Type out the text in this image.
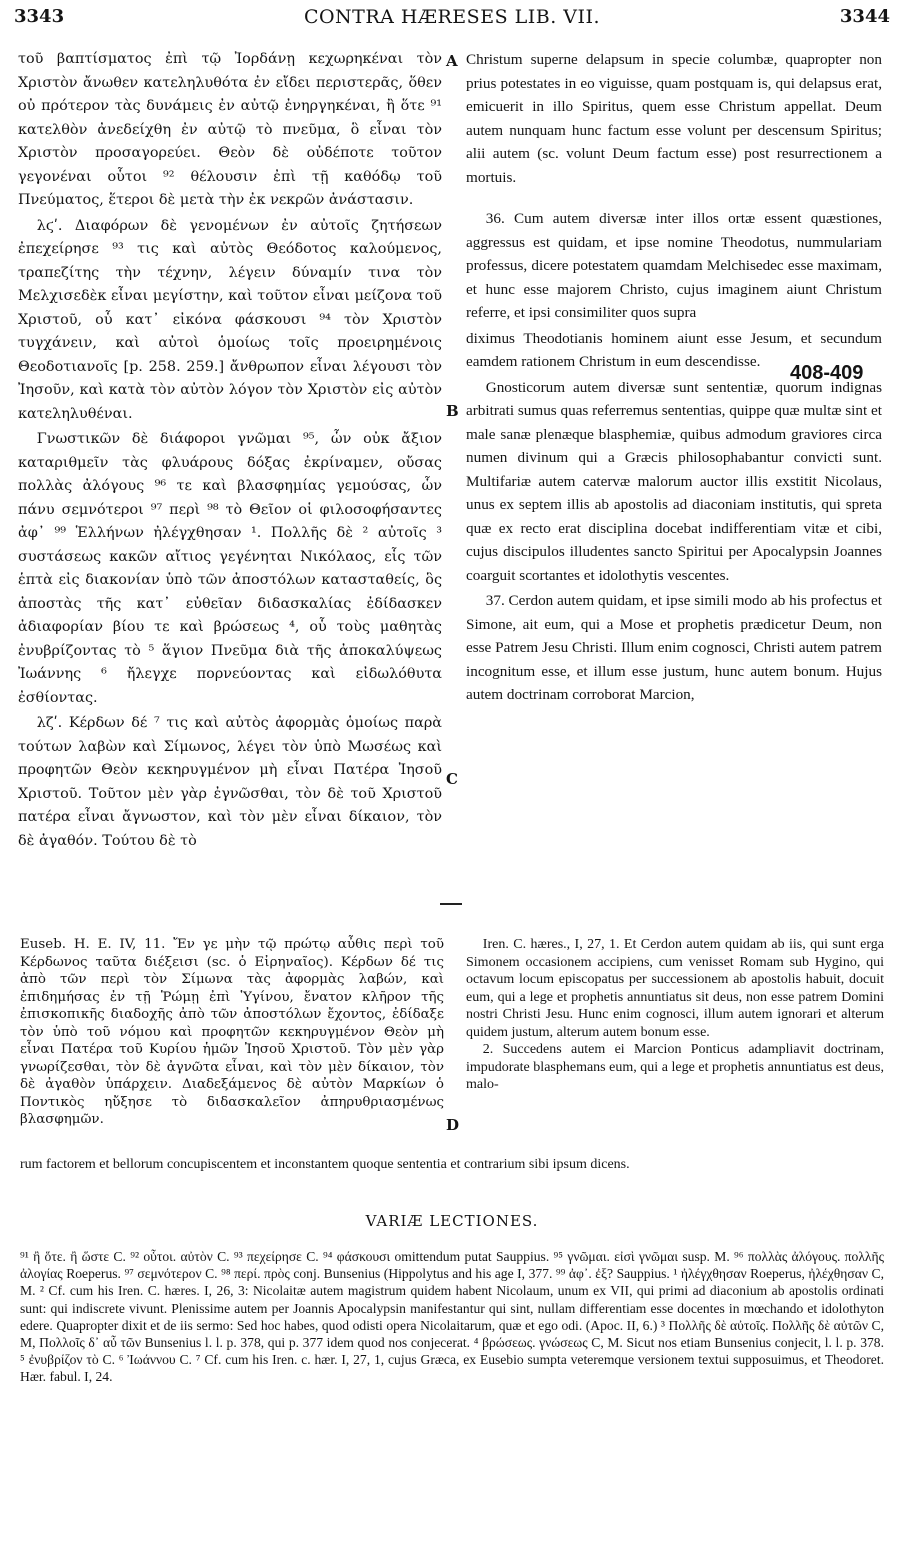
3343	CONTRA HÆRESES LIB. VII.	3344

τοῦ βαπτίσματος ἐπὶ τῷ Ἰορδάνῃ κεχωρηκέναι τὸν Χριστὸν ἄνωθεν κατεληλυθότα ἐν εἴδει περιστερᾶς, ὅθεν οὐ πρότερον τὰς δυνάμεις ἐν αὐτῷ ἐνηργηκέναι, ἢ ὅτε ⁹¹ κατελθὸν ἀνεδείχθη ἐν αὐτῷ τὸ πνεῦμα, ὃ εἶναι τὸν Χριστὸν προσαγορεύει. Θεὸν δὲ οὐδέποτε τοῦτον γεγονέναι οὗτοι ⁹² θέλουσιν ἐπὶ τῇ καθόδῳ τοῦ Πνεύματος, ἕτεροι δὲ μετὰ τὴν ἐκ νεκρῶν ἀνάστασιν.

λϛʹ. Διαφόρων δὲ γενομένων ἐν αὐτοῖς ζητήσεων ἐπεχείρησε ⁹³ τις καὶ αὐτὸς Θεόδοτος καλούμενος, τραπεζίτης τὴν τέχνην, λέγειν δύναμίν τινα τὸν Μελχισεδὲκ εἶναι μεγίστην, καὶ τοῦτον εἶναι μείζονα τοῦ Χριστοῦ, οὗ κατ᾽ εἰκόνα φάσκουσι ⁹⁴ τὸν Χριστὸν τυγχάνειν, καὶ αὐτοὶ ὁμοίως τοῖς προειρημένοις Θεοδοτιανοῖς [p. 258. 259.] ἄνθρωπον εἶναι λέγουσι τὸν Ἰησοῦν, καὶ κατὰ τὸν αὐτὸν λόγον τὸν Χριστὸν εἰς αὐτὸν κατεληλυθέναι.

Γνωστικῶν δὲ διάφοροι γνῶμαι ⁹⁵, ὧν οὐκ ἄξιον καταριθμεῖν τὰς φλυάρους δόξας ἐκρίναμεν, οὔσας πολλὰς ἀλόγους ⁹⁶ τε καὶ βλασφημίας γεμούσας, ὧν πάνυ σεμνότεροι ⁹⁷ περὶ ⁹⁸ τὸ Θεῖον οἱ φιλοσοφήσαντες ἀφ᾽ ⁹⁹ Ἑλλήνων ἠλέγχθησαν ¹. Πολλῆς δὲ ² αὐτοῖς ³ συστάσεως κακῶν αἴτιος γεγένηται Νικόλαος, εἷς τῶν ἑπτὰ εἰς διακονίαν ὑπὸ τῶν ἀποστόλων κατασταθείς, ὃς ἀποστὰς τῆς κατ᾽ εὐθεῖαν διδασκαλίας ἐδίδασκεν ἀδιαφορίαν βίου τε καὶ βρώσεως ⁴, οὗ τοὺς μαθητὰς ἐνυβρίζοντας τὸ ⁵ ἅγιον Πνεῦμα διὰ τῆς ἀποκαλύψεως Ἰωάννης ⁶ ἤλεγχε πορνεύοντας καὶ εἰδωλόθυτα ἐσθίοντας.

λζʹ. Κέρδων δέ ⁷ τις καὶ αὐτὸς ἀφορμὰς ὁμοίως παρὰ τούτων λαβὼν καὶ Σίμωνος, λέγει τὸν ὑπὸ Μωσέως καὶ προφητῶν Θεὸν κεκηρυγμένον μὴ εἶναι Πατέρα Ἰησοῦ Χριστοῦ. Τοῦτον μὲν γὰρ ἐγνῶσθαι, τὸν δὲ τοῦ Χριστοῦ πατέρα εἶναι ἄγνωστον, καὶ τὸν μὲν εἶναι δίκαιον, τὸν δὲ ἀγαθόν. Τούτου δὲ τὸ

A
B
C
D

Christum superne delapsum in specie columbæ, quapropter non prius potestates in eo viguisse, quam postquam is, qui delapsus erat, emicuerit in illo Spiritus, quem esse Christum appellat. Deum autem nunquam hunc factum esse volunt per descensum Spiritus; alii autem (sc. volunt Deum factum esse) post resurrectionem a mortuis.

36. Cum autem diversæ inter illos ortæ essent quæstiones, aggressus est quidam, et ipse nomine Theodotus, nummulariam professus, dicere potestatem quamdam Melchisedec esse maximam, et hunc esse majorem Christo, cujus imaginem aiunt Christum referre, et ipsi consimiliter quos supra

diximus Theodotianis hominem aiunt esse Jesum, et secundum eamdem rationem Christum in eum descendisse.

Gnosticorum autem diversæ sunt sententiæ, quorum indignas arbitrati sumus quas referremus sententias, quippe quæ multæ sint et male sanæ plenæque blasphemiæ, quibus admodum graviores circa numen divinum qui a Græcis philosophabantur convicti sunt. Multifariæ autem catervæ malorum auctor illis exstitit Nicolaus, unus ex septem illis ab apostolis ad diaconiam institutis, qui spreta quæ ex recto erat disciplina docebat indifferentiam vitæ et cibi, cujus discipulos illudentes sancto Spiritui per Apocalypsin Joannes coarguit scortantes et idolothytis vescentes.

37. Cerdon autem quidam, et ipse simili modo ab his profectus et Simone, ait eum, qui a Mose et prophetis prædicetur Deum, non esse Patrem Jesu Christi. Illum enim cognosci, Christi autem patrem incognitum esse, et illum esse justum, hunc autem bonum. Hujus autem doctrinam corroborat Marcion,

408-409
Euseb. H. E. IV, 11. Ἔν γε μὴν τῷ πρώτῳ αὖθις περὶ τοῦ Κέρδωνος ταῦτα διέξεισι (sc. ὁ Εἰρηναῖος). Κέρδων δέ τις ἀπὸ τῶν περὶ τὸν Σίμωνα τὰς ἀφορμὰς λαβών, καὶ ἐπιδημήσας ἐν τῇ Ῥώμῃ ἐπὶ Ὑγίνου, ἔνατον κλῆρον τῆς ἐπισκοπικῆς διαδοχῆς ἀπὸ τῶν ἀποστόλων ἔχοντος, ἐδίδαξε τὸν ὑπὸ τοῦ νόμου καὶ προφητῶν κεκηρυγμένον Θεὸν μὴ εἶναι Πατέρα τοῦ Κυρίου ἡμῶν Ἰησοῦ Χριστοῦ. Τὸν μὲν γὰρ γνωρίζεσθαι, τὸν δὲ ἀγνῶτα εἶναι, καὶ τὸν μὲν δίκαιον, τὸν δὲ ἀγαθὸν ὑπάρχειν. Διαδεξάμενος δὲ αὐτὸν Μαρκίων ὁ Ποντικὸς ηὔξησε τὸ διδασκαλεῖον ἀπηρυθριασμένως βλασφημῶν.

Iren. C. hæres., I, 27, 1. Et Cerdon autem quidam ab iis, qui sunt erga Simonem occasionem accipiens, cum venisset Romam sub Hygino, qui octavum locum episcopatus per successionem ab apostolis habuit, docuit eum, qui a lege et prophetis annuntiatus sit deus, non esse patrem Domini nostri Christi Jesu. Hunc enim cognosci, illum autem ignorari et alterum quidem justum, alterum autem bonum esse.

2. Succedens autem ei Marcion Ponticus adampliavit doctrinam, impudorate blasphemans eum, qui a lege et prophetis annuntiatus est deus, malo-

rum factorem et bellorum concupiscentem et inconstantem quoque sententia et contrarium sibi ipsum dicens.
VARIÆ LECTIONES.
⁹¹ ἢ ὅτε. ἢ ὥστε C. ⁹² οὗτοι. αὐτὸν C. ⁹³ πεχείρησε C. ⁹⁴ φάσκουσι omittendum putat Sauppius. ⁹⁵ γνῶμαι. εἰσὶ γνῶμαι susp. M. ⁹⁶ πολλὰς ἀλόγους. πολλῆς ἀλογίας Roeperus. ⁹⁷ σεμνότερον C. ⁹⁸ περί. πρὸς conj. Bunsenius (Hippolytus and his age I, 377. ⁹⁹ ἀφ᾽. ἐξ? Sauppius. ¹ ἠλέγχθησαν Roeperus, ἠλέχθησαν C, M. ² Cf. cum his Iren. C. hæres. I, 26, 3: Nicolaitæ autem magistrum quidem habent Nicolaum, unum ex VII, qui primi ad diaconium ab apostolis ordinati sunt: qui indiscrete vivunt. Plenissime autem per Joannis Apocalypsin manifestantur qui sint, nullam differentiam esse docentes in mœchando et idolothyton edere. Quapropter dixit et de iis sermo: Sed hoc habes, quod odisti opera Nicolaitarum, quæ et ego odi. (Apoc. II, 6.) ³ Πολλῆς δὲ αὐτοῖς. Πολλῆς δὲ αὐτῶν C, M, Πολλοῖς δ᾽ αὖ τῶν Bunsenius l. l. p. 378, qui p. 377 idem quod nos conjecerat. ⁴ βρώσεως. γνώσεως C, M. Sicut nos etiam Bunsenius conjecit, l. l. p. 378. ⁵ ἐνυβρίζον τὸ C. ⁶ Ἰωάννου C. ⁷ Cf. cum his Iren. c. hær. I, 27, 1, cujus Græca, ex Eusebio sumpta veteremque versionem textui supposuimus, et Theodoret. Hær. fabul. I, 24.
